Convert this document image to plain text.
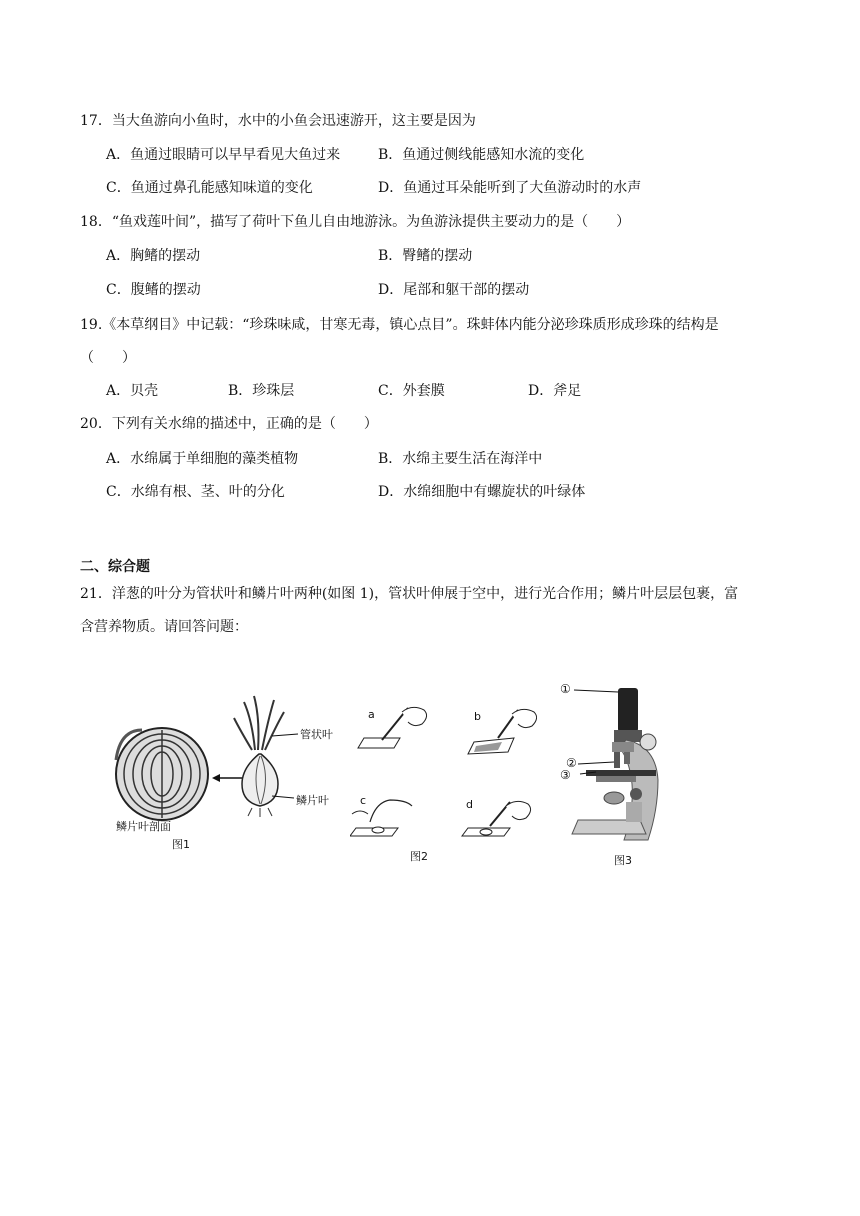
17．当大鱼游向小鱼时，水中的小鱼会迅速游开，这主要是因为
A．鱼通过眼睛可以早早看见大鱼过来	B．鱼通过侧线能感知水流的变化
C．鱼通过鼻孔能感知味道的变化	D．鱼通过耳朵能听到了大鱼游动时的水声
18．“鱼戏莲叶间”，描写了荷叶下鱼儿自由地游泳。为鱼游泳提供主要动力的是（　　）
A．胸鳍的摆动	B．臀鳍的摆动
C．腹鳍的摆动	D．尾部和躯干部的摆动
19.《本草纲目》中记载：“珍珠味咸，甘寒无毒，镇心点目”。珠蚌体内能分泌珍珠质形成珍珠的结构是
（　　）
A．贝壳	B．珍珠层	C．外套膜	D．斧足
20．下列有关水绵的描述中，正确的是（　　）
A．水绵属于单细胞的藻类植物	B．水绵主要生活在海洋中
C．水绵有根、茎、叶的分化	D．水绵细胞中有螺旋状的叶绿体
二、综合题
21．洋葱的叶分为管状叶和鳞片叶两种(如图 1)，管状叶伸展于空中，进行光合作用；鳞片叶层层包裹，富
含营养物质。请回答问题：
管状叶
鳞片叶
鳞片叶剖面
图1
a	b
c	d
图2
①
②
③
图3
